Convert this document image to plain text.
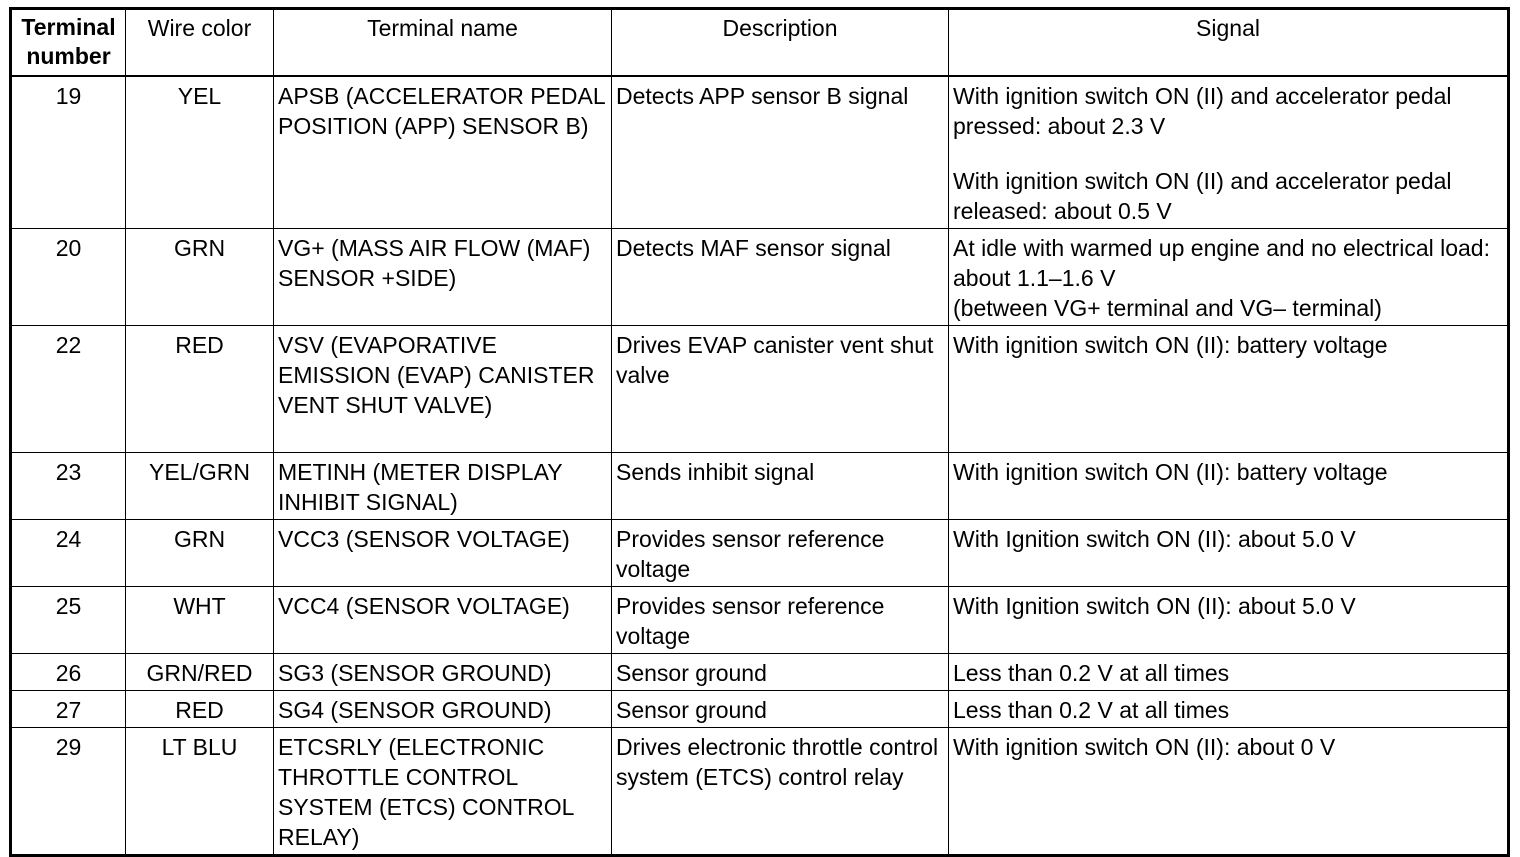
Terminal
number	Wire color	Terminal name	Description	Signal
19	YEL	APSB (ACCELERATOR PEDAL POSITION (APP) SENSOR B)	Detects APP sensor B signal	With ignition switch ON (II) and accelerator pedal pressed: about 2.3 V
With ignition switch ON (II) and accelerator pedal released: about 0.5 V

20	GRN	VG+ (MASS AIR FLOW (MAF) SENSOR +SIDE)	Detects MAF sensor signal	At idle with warmed up engine and no electrical load: about 1.1–1.6 V
(between VG+ terminal and VG– terminal)
22	RED	VSV (EVAPORATIVE EMISSION (EVAP) CANISTER VENT SHUT VALVE)	Drives EVAP canister vent shut valve	With ignition switch ON (II): battery voltage
23	YEL/GRN	METINH (METER DISPLAY INHIBIT SIGNAL)	Sends inhibit signal	With ignition switch ON (II): battery voltage
24	GRN	VCC3 (SENSOR VOLTAGE)	Provides sensor reference voltage	With Ignition switch ON (II): about 5.0 V
25	WHT	VCC4 (SENSOR VOLTAGE)	Provides sensor reference voltage	With Ignition switch ON (II): about 5.0 V
26	GRN/RED	SG3 (SENSOR GROUND)	Sensor ground	Less than 0.2 V at all times
27	RED	SG4 (SENSOR GROUND)	Sensor ground	Less than 0.2 V at all times
29	LT BLU	ETCSRLY (ELECTRONIC THROTTLE CONTROL SYSTEM (ETCS) CONTROL RELAY)	Drives electronic throttle control system (ETCS) control relay	With ignition switch ON (II): about 0 V
